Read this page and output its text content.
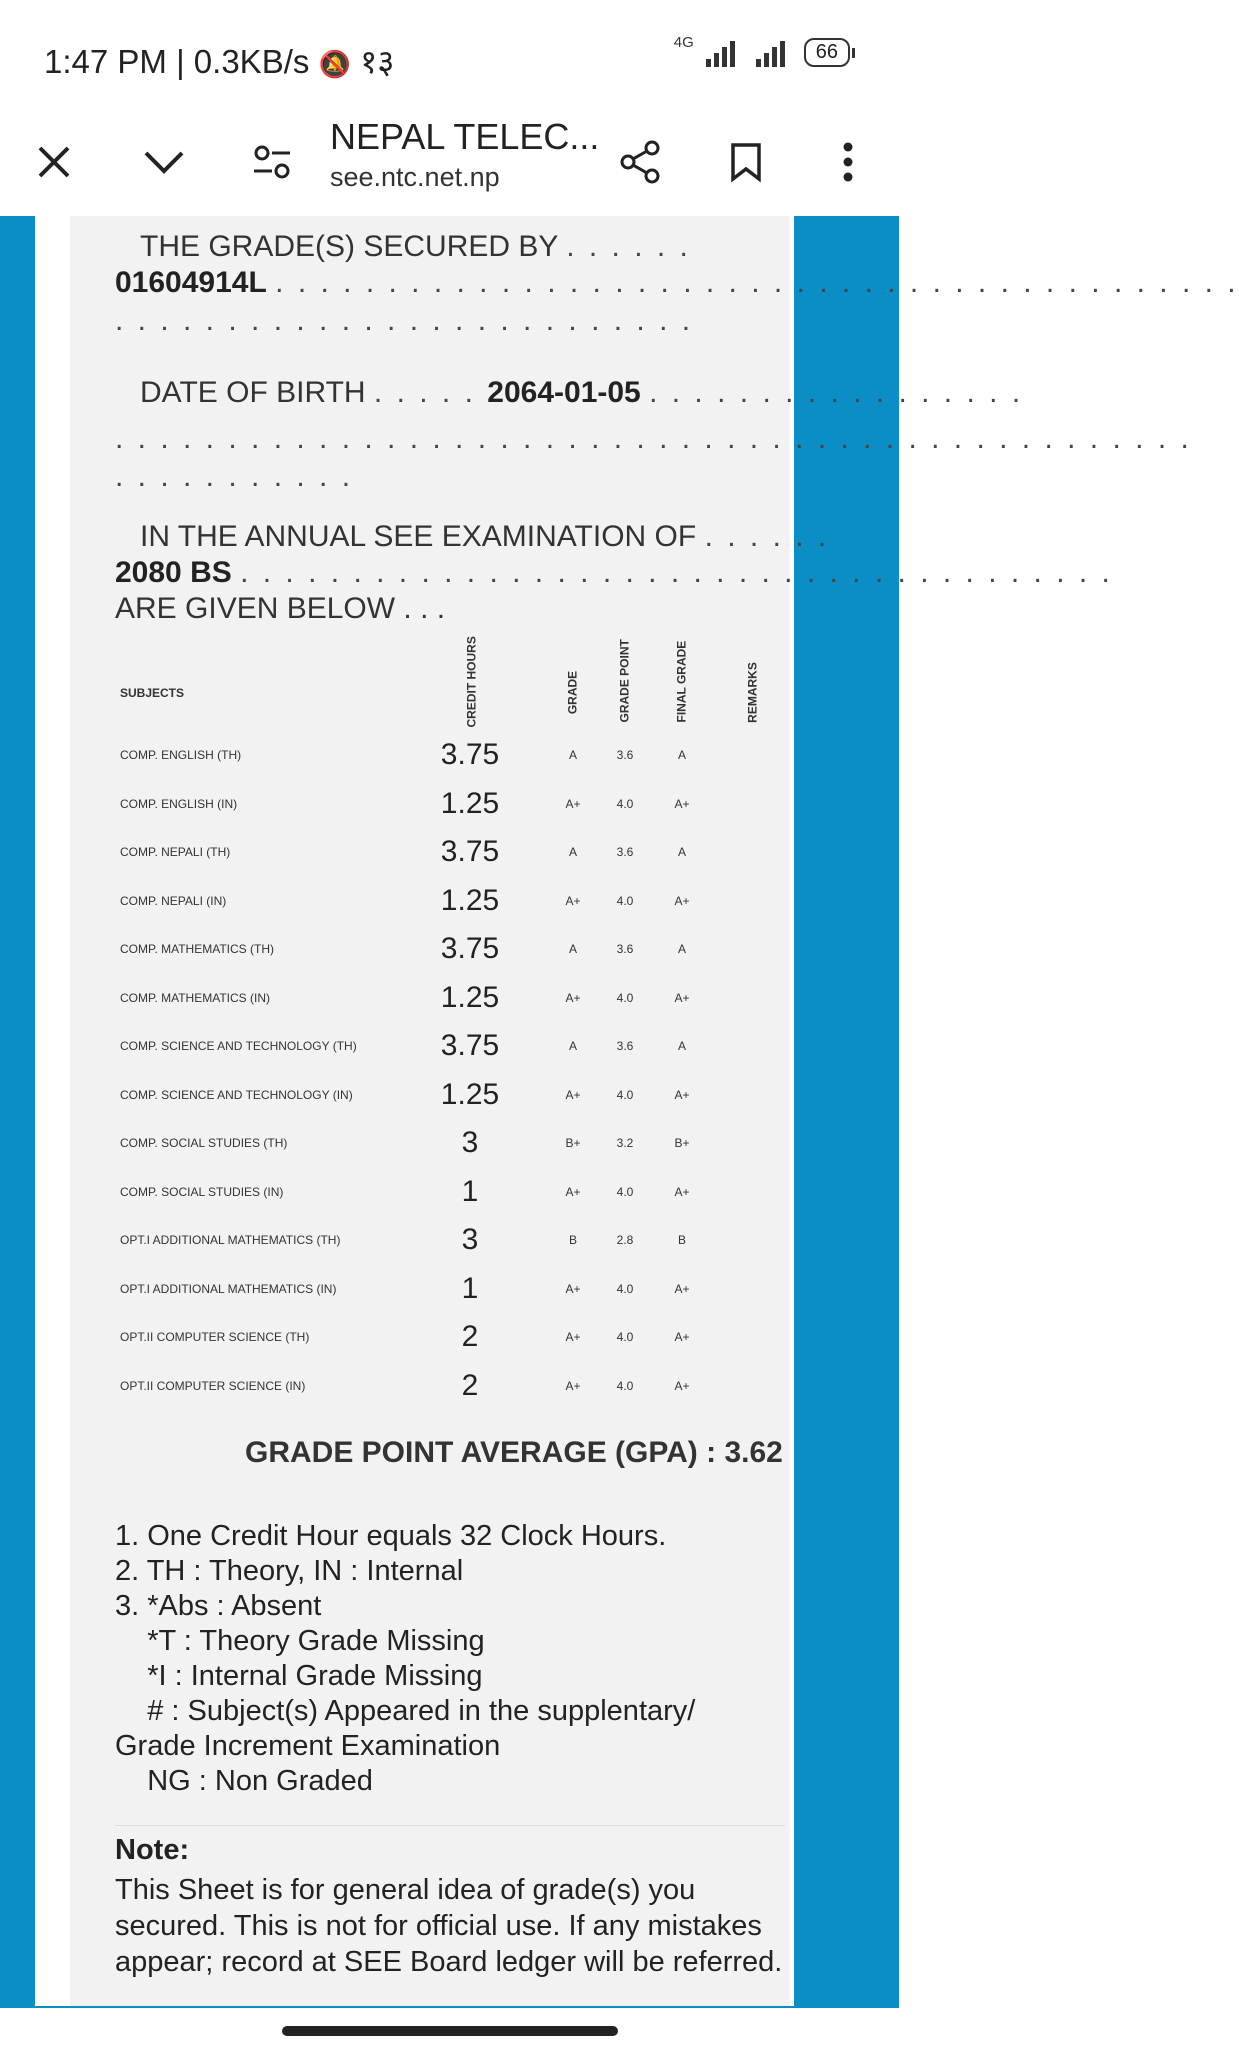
1:47 PM | 0.3KB/s 🔕 १३
4G	66
NEPAL TELEC...
see.ntc.net.np
THE GRADE(S) SECURED BY . . . . . .
01604914L . . . . . . . . . . . . . . . . . . . . . . . . . . . . . . . . . . . . . . . . . . .
. . . . . . . . . . . . . . . . . . . . . . . . . .
DATE OF BIRTH . . . . . 2064-01-05 . . . . . . . . . . . . . . . . .
. . . . . . . . . . . . . . . . . . . . . . . . . . . . . . . . . . . . . . . . . . . . . . . .
. . . . . . . . . . .
IN THE ANNUAL SEE EXAMINATION OF . . . . . .
2080 BS . . . . . . . . . . . . . . . . . . . . . . . . . . . . . . . . . . . . . . .
ARE GIVEN BELOW . . .
SUBJECTS	CREDIT HOURS	GRADE	GRADE POINT	FINAL GRADE	REMARKS
COMP. ENGLISH (TH)	3.75	A	3.6	A
COMP. ENGLISH (IN)	1.25	A+	4.0	A+
COMP. NEPALI (TH)	3.75	A	3.6	A
COMP. NEPALI (IN)	1.25	A+	4.0	A+
COMP. MATHEMATICS (TH)	3.75	A	3.6	A
COMP. MATHEMATICS (IN)	1.25	A+	4.0	A+
COMP. SCIENCE AND TECHNOLOGY (TH)	3.75	A	3.6	A
COMP. SCIENCE AND TECHNOLOGY (IN)	1.25	A+	4.0	A+
COMP. SOCIAL STUDIES (TH)	3	B+	3.2	B+
COMP. SOCIAL STUDIES (IN)	1	A+	4.0	A+
OPT.I ADDITIONAL MATHEMATICS (TH)	3	B	2.8	B
OPT.I ADDITIONAL MATHEMATICS (IN)	1	A+	4.0	A+
OPT.II COMPUTER SCIENCE (TH)	2	A+	4.0	A+
OPT.II COMPUTER SCIENCE (IN)	2	A+	4.0	A+
GRADE POINT AVERAGE (GPA) : 3.62
1. One Credit Hour equals 32 Clock Hours.
2. TH : Theory, IN : Internal
3. *Abs : Absent
*T : Theory Grade Missing
*I : Internal Grade Missing
# : Subject(s) Appeared in the supplentary/
Grade Increment Examination
NG : Non Graded
Note:
This Sheet is for general idea of grade(s) you secured. This is not for official use. If any mistakes appear; record at SEE Board ledger will be referred.
